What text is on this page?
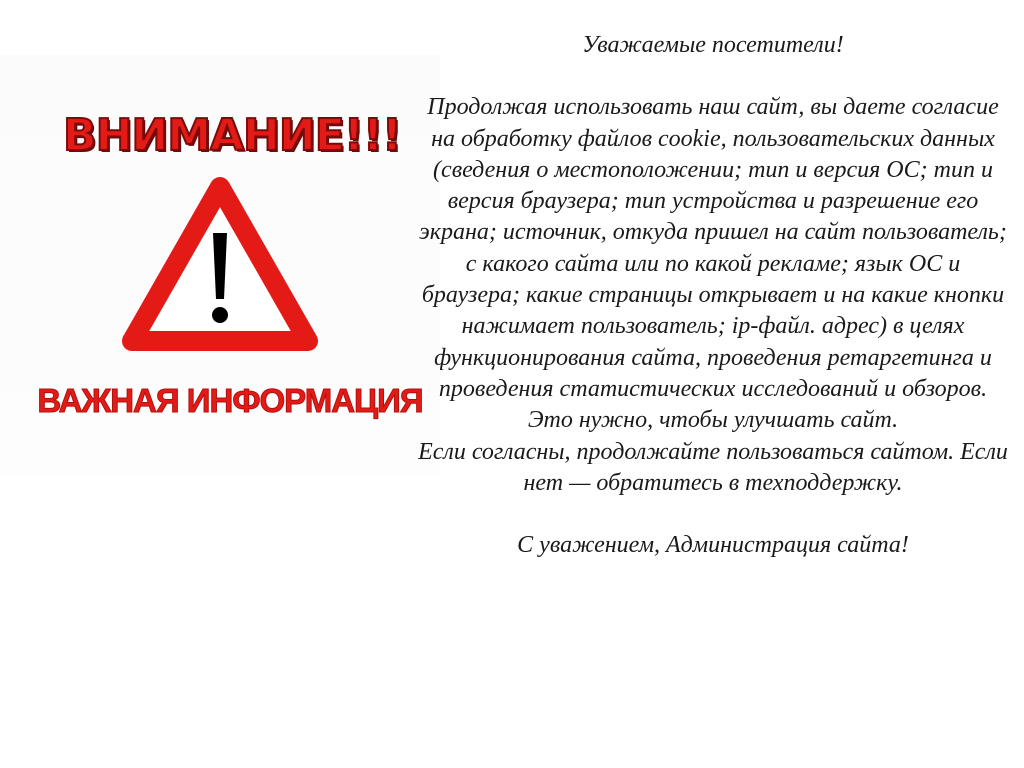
ВНИМАНИЕ!!!
ВАЖНАЯ ИНФОРМАЦИЯ

Уважаемые посетители!

Продолжая использовать наш сайт, вы даете согласие на обработку файлов cookie, пользовательских данных (сведения о местоположении; тип и версия ОС; тип и версия браузера; тип устройства и разрешение его экрана; источник, откуда пришел на сайт пользователь; с какого сайта или по какой рекламе; язык ОС и браузера; какие страницы открывает и на какие кнопки нажимает пользователь; ip-файл. адрес) в целях функционирования сайта, проведения ретаргетинга и проведения статистических исследований и обзоров. Это нужно, чтобы улучшать сайт.

Если согласны, продолжайте пользоваться сайтом. Если нет — обратитесь в техподдержку.

С уважением, Администрация сайта!
